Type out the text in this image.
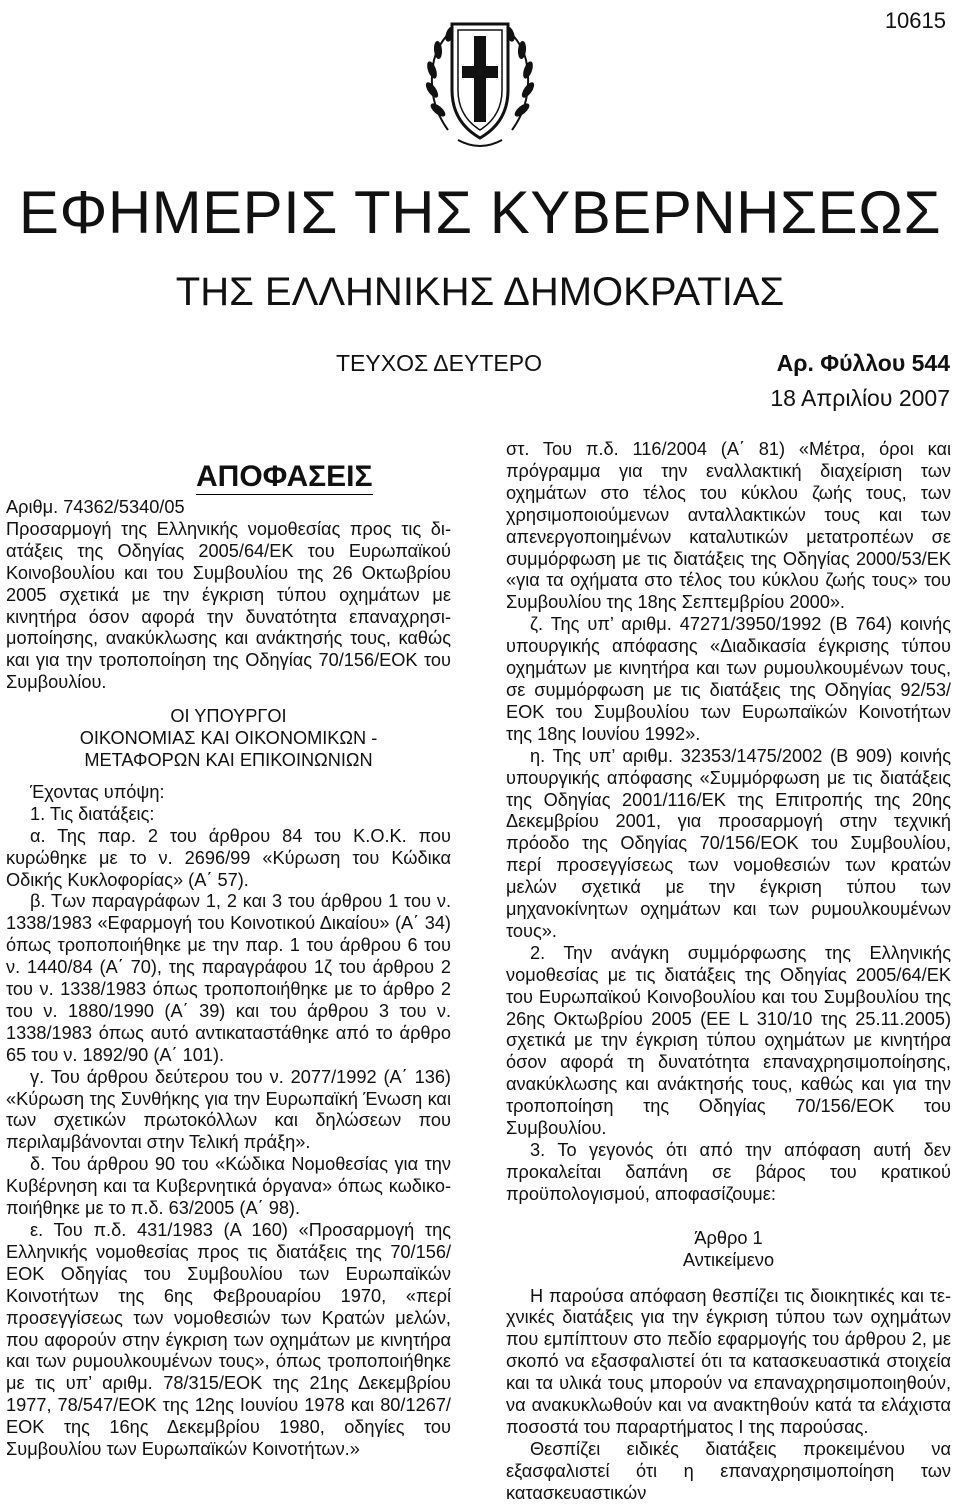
10615
ΕΦΗΜΕΡΙΣ ΤΗΣ ΚΥΒΕΡΝΗΣΕΩΣ
ΤΗΣ ΕΛΛΗΝΙΚΗΣ ΔΗΜΟΚΡΑΤΙΑΣ
ΤΕΥΧΟΣ ΔΕΥΤΕΡΟ	Αρ. Φύλλου 544
18 Απριλίου 2007
ΑΠΟΦΑΣΕΙΣ

Αριθμ. 74362/5340/05

Προσαρμογή της Ελληνικής νομοθεσίας προς τις διατάξεις της Οδηγίας 2005/64/ΕΚ του Ευρωπαϊκού Κοινοβουλίου και του Συμβουλίου της 26 Οκτωβρίου 2005 σχετικά με την έγκριση τύπου οχημάτων με κινητήρα όσον αφορά την δυνατότητα επαναχρησιμοποίησης, ανακύκλωσης και ανάκτησής τους, καθώς και για την τροποποίηση της Οδηγίας 70/156/ΕΟΚ του Συμβουλίου.

ΟΙ ΥΠΟΥΡΓΟΙ
ΟΙΚΟΝΟΜΙΑΣ ΚΑΙ ΟΙΚΟΝΟΜΙΚΩΝ -
ΜΕΤΑΦΟΡΩΝ ΚΑΙ ΕΠΙΚΟΙΝΩΝΙΩΝ

Έχοντας υπόψη:

1. Τις διατάξεις:

α. Της παρ. 2 του άρθρου 84 του Κ.Ο.Κ. που κυρώθηκε με το ν. 2696/99 «Κύρωση του Κώδικα Οδικής Κυκλοφορίας» (Α΄ 57).

β. Των παραγράφων 1, 2 και 3 του άρθρου 1 του ν. 1338/1983 «Εφαρμογή του Κοινοτικού Δικαίου» (Α΄ 34) όπως τροποποιήθηκε με την παρ. 1 του άρθρου 6 του ν. 1440/84 (Α΄ 70), της παραγράφου 1ζ του άρθρου 2 του ν. 1338/1983 όπως τροποποιήθηκε με το άρθρο 2 του ν. 1880/1990 (Α΄ 39) και του άρθρου 3 του ν. 1338/1983 όπως αυτό αντικαταστάθηκε από το άρθρο 65 του ν. 1892/90 (Α΄ 101).

γ. Του άρθρου δεύτερου του ν. 2077/1992 (Α΄ 136) «Κύρωση της Συνθήκης για την Ευρωπαϊκή Ένωση και των σχετικών πρωτοκόλλων και δηλώσεων που περιλαμβάνονται στην Τελική πράξη».

δ. Του άρθρου 90 του «Κώδικα Νομοθεσίας για την Κυβέρνηση και τα Κυβερνητικά όργανα» όπως κωδικοποιήθηκε με το π.δ. 63/2005 (Α΄ 98).

ε. Του π.δ. 431/1983 (Α 160) «Προσαρμογή της Ελληνικής νομοθεσίας προς τις διατάξεις της 70/156/ΕΟΚ Οδηγίας του Συμβουλίου των Ευρωπαϊκών Κοινοτήτων της 6ης Φεβρουαρίου 1970, «περί προσεγγίσεως των νομοθεσιών των Κρατών μελών, που αφορούν στην έγκριση των οχημάτων με κινητήρα και των ρυμουλκουμένων τους», όπως τροποποιήθηκε με τις υπ’ αριθμ. 78/315/ΕΟΚ της 21ης Δεκεμβρίου 1977, 78/547/ΕΟΚ της 12ης Ιουνίου 1978 και 80/1267/ΕΟΚ της 16ης Δεκεμβρίου 1980, οδηγίες του Συμβουλίου των Ευρωπαϊκών Κοινοτήτων.»

στ. Του π.δ. 116/2004 (Α΄ 81) «Μέτρα, όροι και πρόγραμμα για την εναλλακτική διαχείριση των οχημάτων στο τέλος του κύκλου ζωής τους, των χρησιμοποιούμενων ανταλλακτικών τους και των απενεργοποιημένων καταλυτικών μετατροπέων σε συμμόρφωση με τις διατάξεις της Οδηγίας 2000/53/ΕΚ «για τα οχήματα στο τέλος του κύκλου ζωής τους» του Συμβουλίου της 18ης Σεπτεμβρίου 2000».

ζ. Της υπ’ αριθμ. 47271/3950/1992 (Β 764) κοινής υπουργικής απόφασης «Διαδικασία έγκρισης τύπου οχημάτων με κινητήρα και των ρυμουλκουμένων τους, σε συμμόρφωση με τις διατάξεις της Οδηγίας 92/53/ΕΟΚ του Συμβουλίου των Ευρωπαϊκών Κοινοτήτων της 18ης Ιουνίου 1992».

η. Της υπ’ αριθμ. 32353/1475/2002 (Β 909) κοινής υπουργικής απόφασης «Συμμόρφωση με τις διατάξεις της Οδηγίας 2001/116/ΕΚ της Επιτροπής της 20ης Δεκεμβρίου 2001, για προσαρμογή στην τεχνική πρόοδο της Οδηγίας 70/156/ΕΟΚ του Συμβουλίου, περί προσεγγίσεως των νομοθεσιών των κρατών μελών σχετικά με την έγκριση τύπου των μηχανοκίνητων οχημάτων και των ρυμουλκουμένων τους».

2. Την ανάγκη συμμόρφωσης της Ελληνικής νομοθεσίας με τις διατάξεις της Οδηγίας 2005/64/ΕΚ του Ευρωπαϊκού Κοινοβουλίου και του Συμβουλίου της 26ης Οκτωβρίου 2005 (ΕΕ L 310/10 της 25.11.2005) σχετικά με την έγκριση τύπου οχημάτων με κινητήρα όσον αφορά τη δυνατότητα επαναχρησιμοποίησης, ανακύκλωσης και ανάκτησής τους, καθώς και για την τροποποίηση της Οδηγίας 70/156/ΕΟΚ του Συμβουλίου.

3. Το γεγονός ότι από την απόφαση αυτή δεν προκαλείται δαπάνη σε βάρος του κρατικού προϋπολογισμού, αποφασίζουμε:

Άρθρο 1
Αντικείμενο

Η παρούσα απόφαση θεσπίζει τις διοικητικές και τεχνικές διατάξεις για την έγκριση τύπου των οχημάτων που εμπίπτουν στο πεδίο εφαρμογής του άρθρου 2, με σκοπό να εξασφαλιστεί ότι τα κατασκευαστικά στοιχεία και τα υλικά τους μπορούν να επαναχρησιμοποιηθούν, να ανακυκλωθούν και να ανακτηθούν κατά τα ελάχιστα ποσοστά του παραρτήματος Ι της παρούσας.

Θεσπίζει ειδικές διατάξεις προκειμένου να εξασφαλιστεί ότι η επαναχρησιμοποίηση των κατασκευαστικών
